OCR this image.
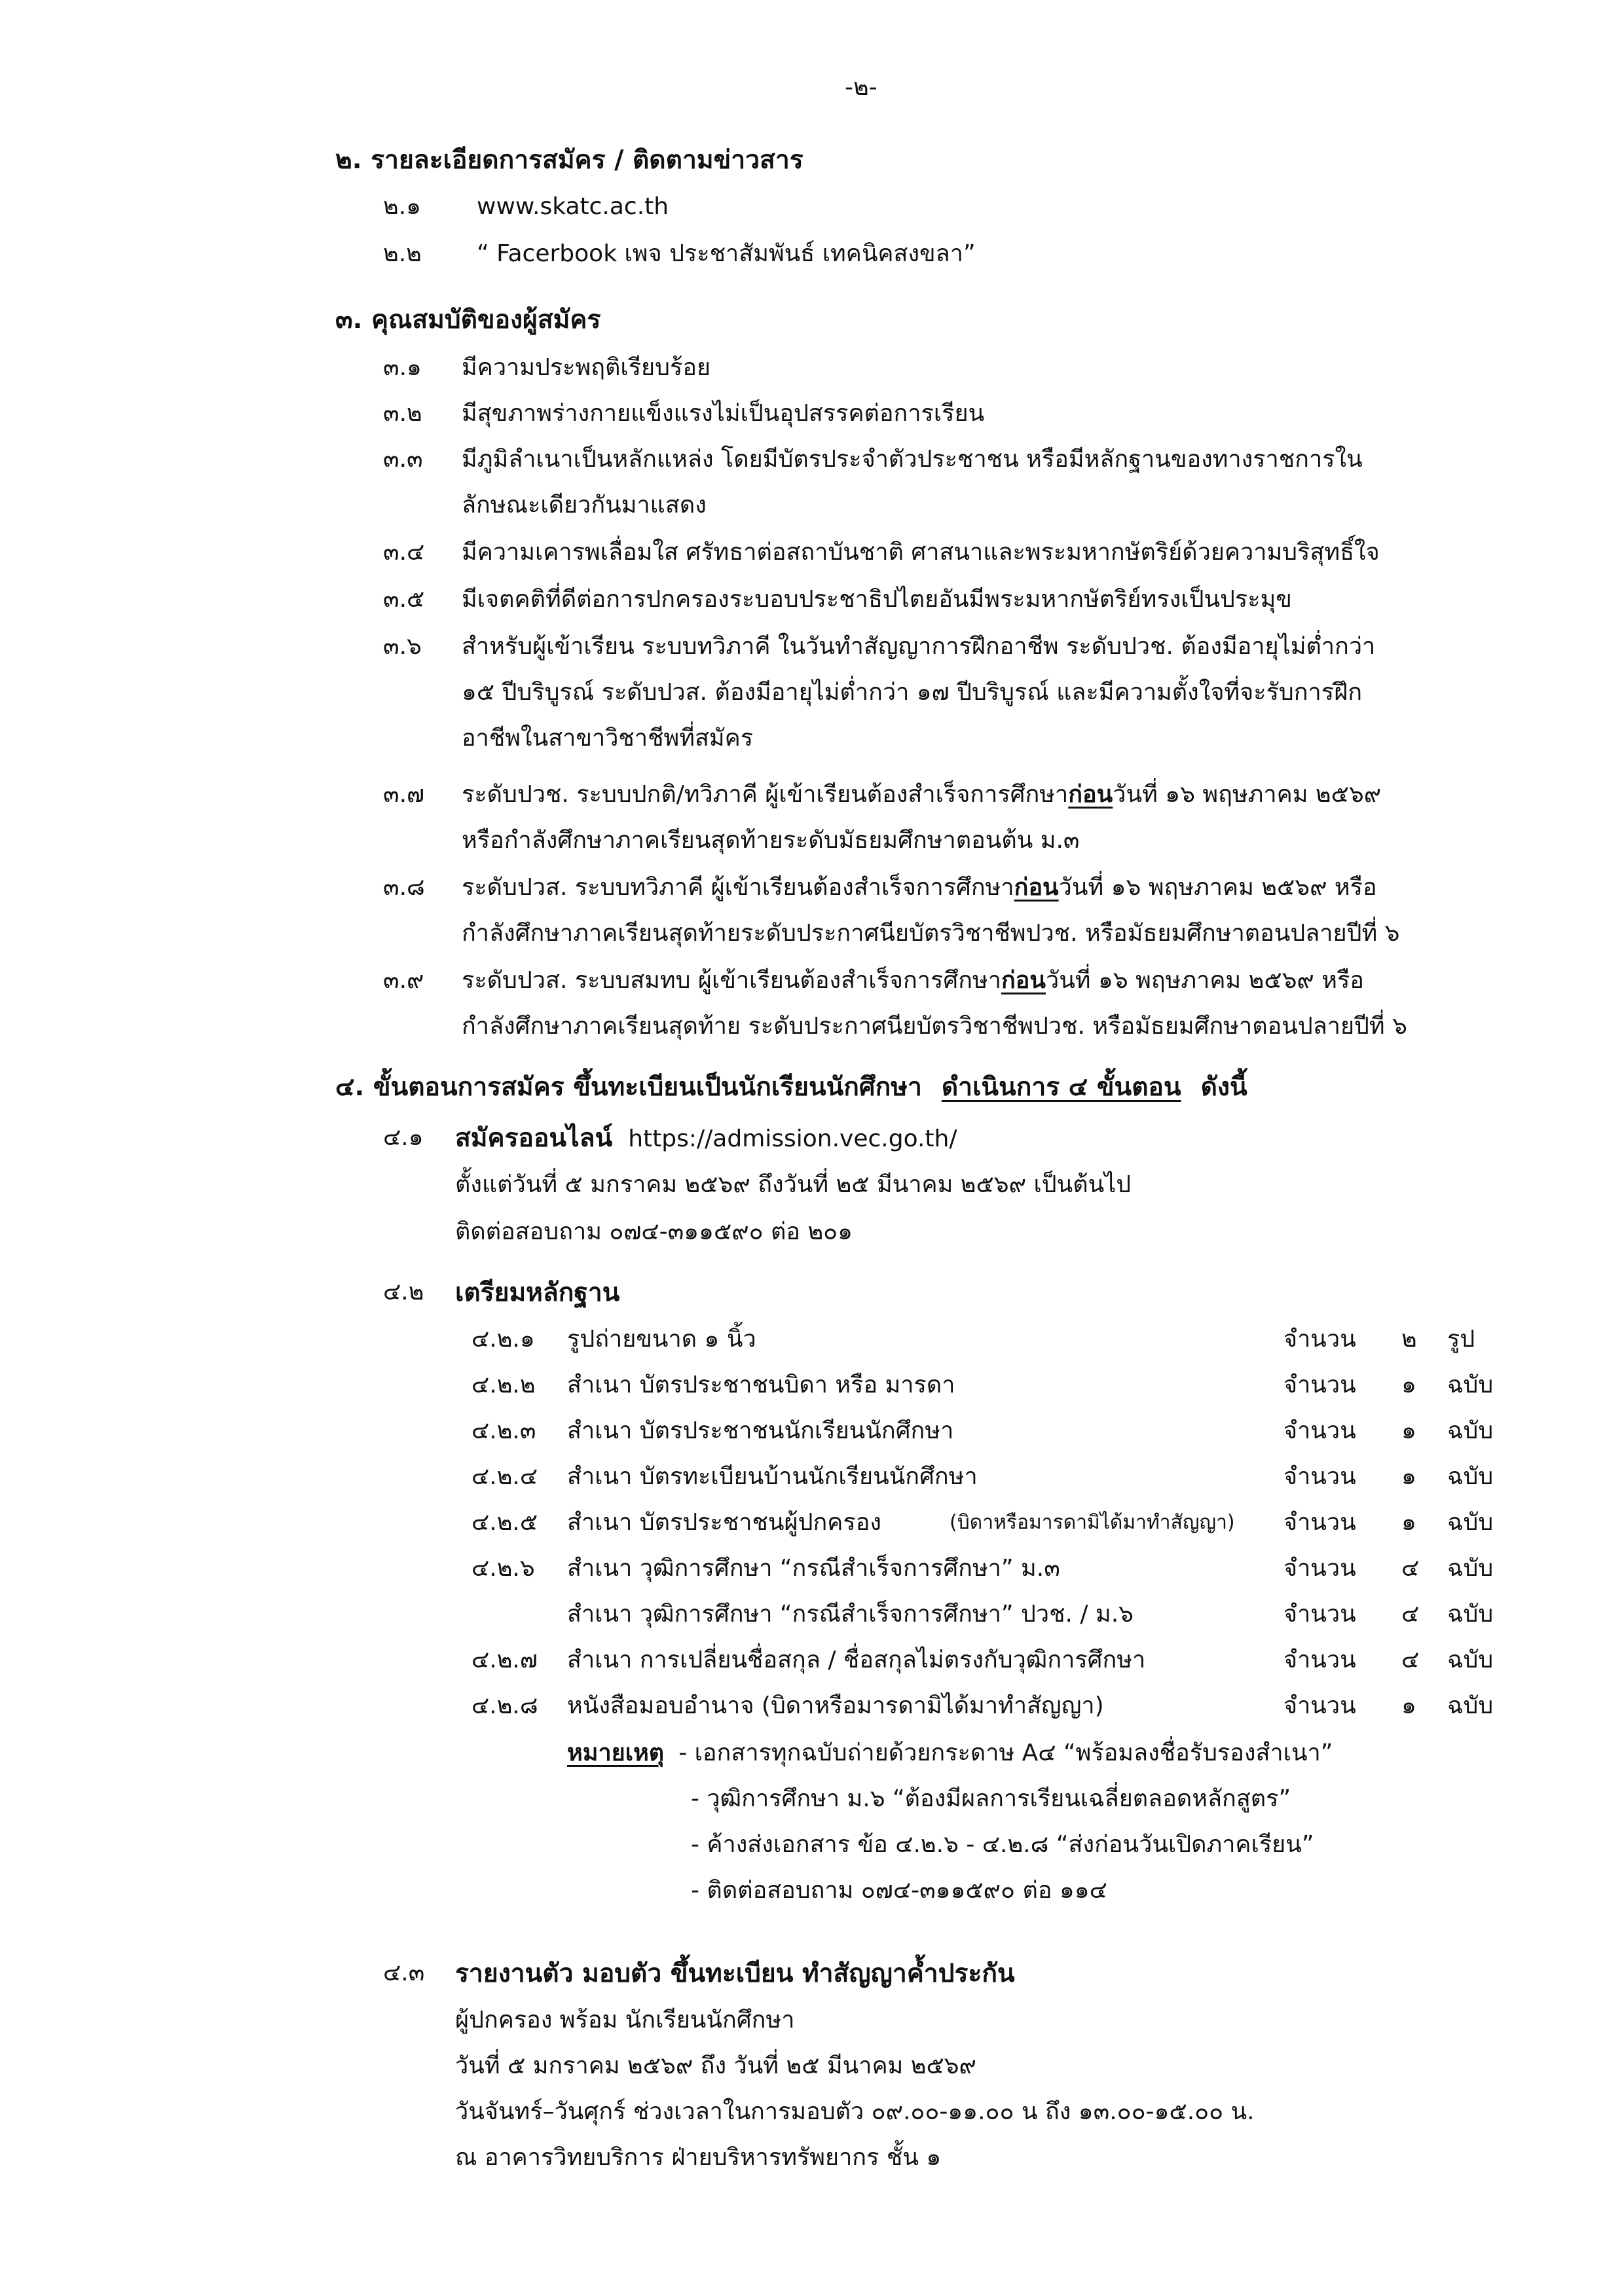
-๒-
๒. รายละเอียดการสมัคร / ติดตามข่าวสาร
๒.๑ www.skatc.ac.th
๒.๒ “ Facerbook เพจ ประชาสัมพันธ์ เทคนิคสงขลา”
๓. คุณสมบัติของผู้สมัคร
๓.๑ มีความประพฤติเรียบร้อย
๓.๒ มีสุขภาพร่างกายแข็งแรงไม่เป็นอุปสรรคต่อการเรียน
๓.๓ มีภูมิลำเนาเป็นหลักแหล่ง โดยมีบัตรประจำตัวประชาชน หรือมีหลักฐานของทางราชการใน
ลักษณะเดียวกันมาแสดง
๓.๔ มีความเคารพเลื่อมใส ศรัทธาต่อสถาบันชาติ ศาสนาและพระมหากษัตริย์ด้วยความบริสุทธิ์ใจ
๓.๕ มีเจตคติที่ดีต่อการปกครองระบอบประชาธิปไตยอันมีพระมหากษัตริย์ทรงเป็นประมุข
๓.๖ สำหรับผู้เข้าเรียน ระบบทวิภาคี ในวันทำสัญญาการฝึกอาชีพ ระดับปวช. ต้องมีอายุไม่ต่ำกว่า
๑๕ ปีบริบูรณ์ ระดับปวส. ต้องมีอายุไม่ต่ำกว่า ๑๗ ปีบริบูรณ์ และมีความตั้งใจที่จะรับการฝึก
อาชีพในสาขาวิชาชีพที่สมัคร
๓.๗ ระดับปวช. ระบบปกติ/ทวิภาคี ผู้เข้าเรียนต้องสำเร็จการศึกษาก่อนวันที่ ๑๖ พฤษภาคม ๒๕๖๙
หรือกำลังศึกษาภาคเรียนสุดท้ายระดับมัธยมศึกษาตอนต้น ม.๓
๓.๘ ระดับปวส. ระบบทวิภาคี ผู้เข้าเรียนต้องสำเร็จการศึกษาก่อนวันที่ ๑๖ พฤษภาคม ๒๕๖๙ หรือ
กำลังศึกษาภาคเรียนสุดท้ายระดับประกาศนียบัตรวิชาชีพปวช. หรือมัธยมศึกษาตอนปลายปีที่ ๖
๓.๙ ระดับปวส. ระบบสมทบ ผู้เข้าเรียนต้องสำเร็จการศึกษาก่อนวันที่ ๑๖ พฤษภาคม ๒๕๖๙ หรือ
กำลังศึกษาภาคเรียนสุดท้าย ระดับประกาศนียบัตรวิชาชีพปวช. หรือมัธยมศึกษาตอนปลายปีที่ ๖
๔. ขั้นตอนการสมัคร ขึ้นทะเบียนเป็นนักเรียนนักศึกษา ดำเนินการ ๔ ขั้นตอน ดังนี้
๔.๑ สมัครออนไลน์ https://admission.vec.go.th/
ตั้งแต่วันที่ ๕ มกราคม ๒๕๖๙ ถึงวันที่ ๒๕ มีนาคม ๒๕๖๙ เป็นต้นไป
ติดต่อสอบถาม ๐๗๔-๓๑๑๕๙๐ ต่อ ๒๐๑
๔.๒ เตรียมหลักฐาน
๔.๒.๑ รูปถ่ายขนาด ๑ นิ้ว	จำนวน ๒ รูป
๔.๒.๒ สำเนา บัตรประชาชนบิดา หรือ มารดา	จำนวน ๑ ฉบับ
๔.๒.๓ สำเนา บัตรประชาชนนักเรียนนักศึกษา	จำนวน ๑ ฉบับ
๔.๒.๔ สำเนา บัตรทะเบียนบ้านนักเรียนนักศึกษา	จำนวน ๑ ฉบับ
๔.๒.๕ สำเนา บัตรประชาชนผู้ปกครอง	(บิดาหรือมารดามิได้มาทำสัญญา) จำนวน ๑ ฉบับ
๔.๒.๖ สำเนา วุฒิการศึกษา “กรณีสำเร็จการศึกษา” ม.๓	จำนวน ๔ ฉบับ
สำเนา วุฒิการศึกษา “กรณีสำเร็จการศึกษา” ปวช. / ม.๖	จำนวน ๔ ฉบับ
๔.๒.๗ สำเนา การเปลี่ยนชื่อสกุล / ชื่อสกุลไม่ตรงกับวุฒิการศึกษา	จำนวน ๔ ฉบับ
๔.๒.๘ หนังสือมอบอำนาจ (บิดาหรือมารดามิได้มาทำสัญญา)	จำนวน ๑ ฉบับ
หมายเหตุ - เอกสารทุกฉบับถ่ายด้วยกระดาษ A๔ “พร้อมลงชื่อรับรองสำเนา”
- วุฒิการศึกษา ม.๖ “ต้องมีผลการเรียนเฉลี่ยตลอดหลักสูตร”
- ค้างส่งเอกสาร ข้อ ๔.๒.๖ - ๔.๒.๘ “ส่งก่อนวันเปิดภาคเรียน”
- ติดต่อสอบถาม ๐๗๔-๓๑๑๕๙๐ ต่อ ๑๑๔
๔.๓ รายงานตัว มอบตัว ขึ้นทะเบียน ทำสัญญาค้ำประกัน
ผู้ปกครอง พร้อม นักเรียนนักศึกษา
วันที่ ๕ มกราคม ๒๕๖๙ ถึง วันที่ ๒๕ มีนาคม ๒๕๖๙
วันจันทร์–วันศุกร์ ช่วงเวลาในการมอบตัว ๐๙.๐๐-๑๑.๐๐ น ถึง ๑๓.๐๐-๑๕.๐๐ น.
ณ อาคารวิทยบริการ ฝ่ายบริหารทรัพยากร ชั้น ๑
